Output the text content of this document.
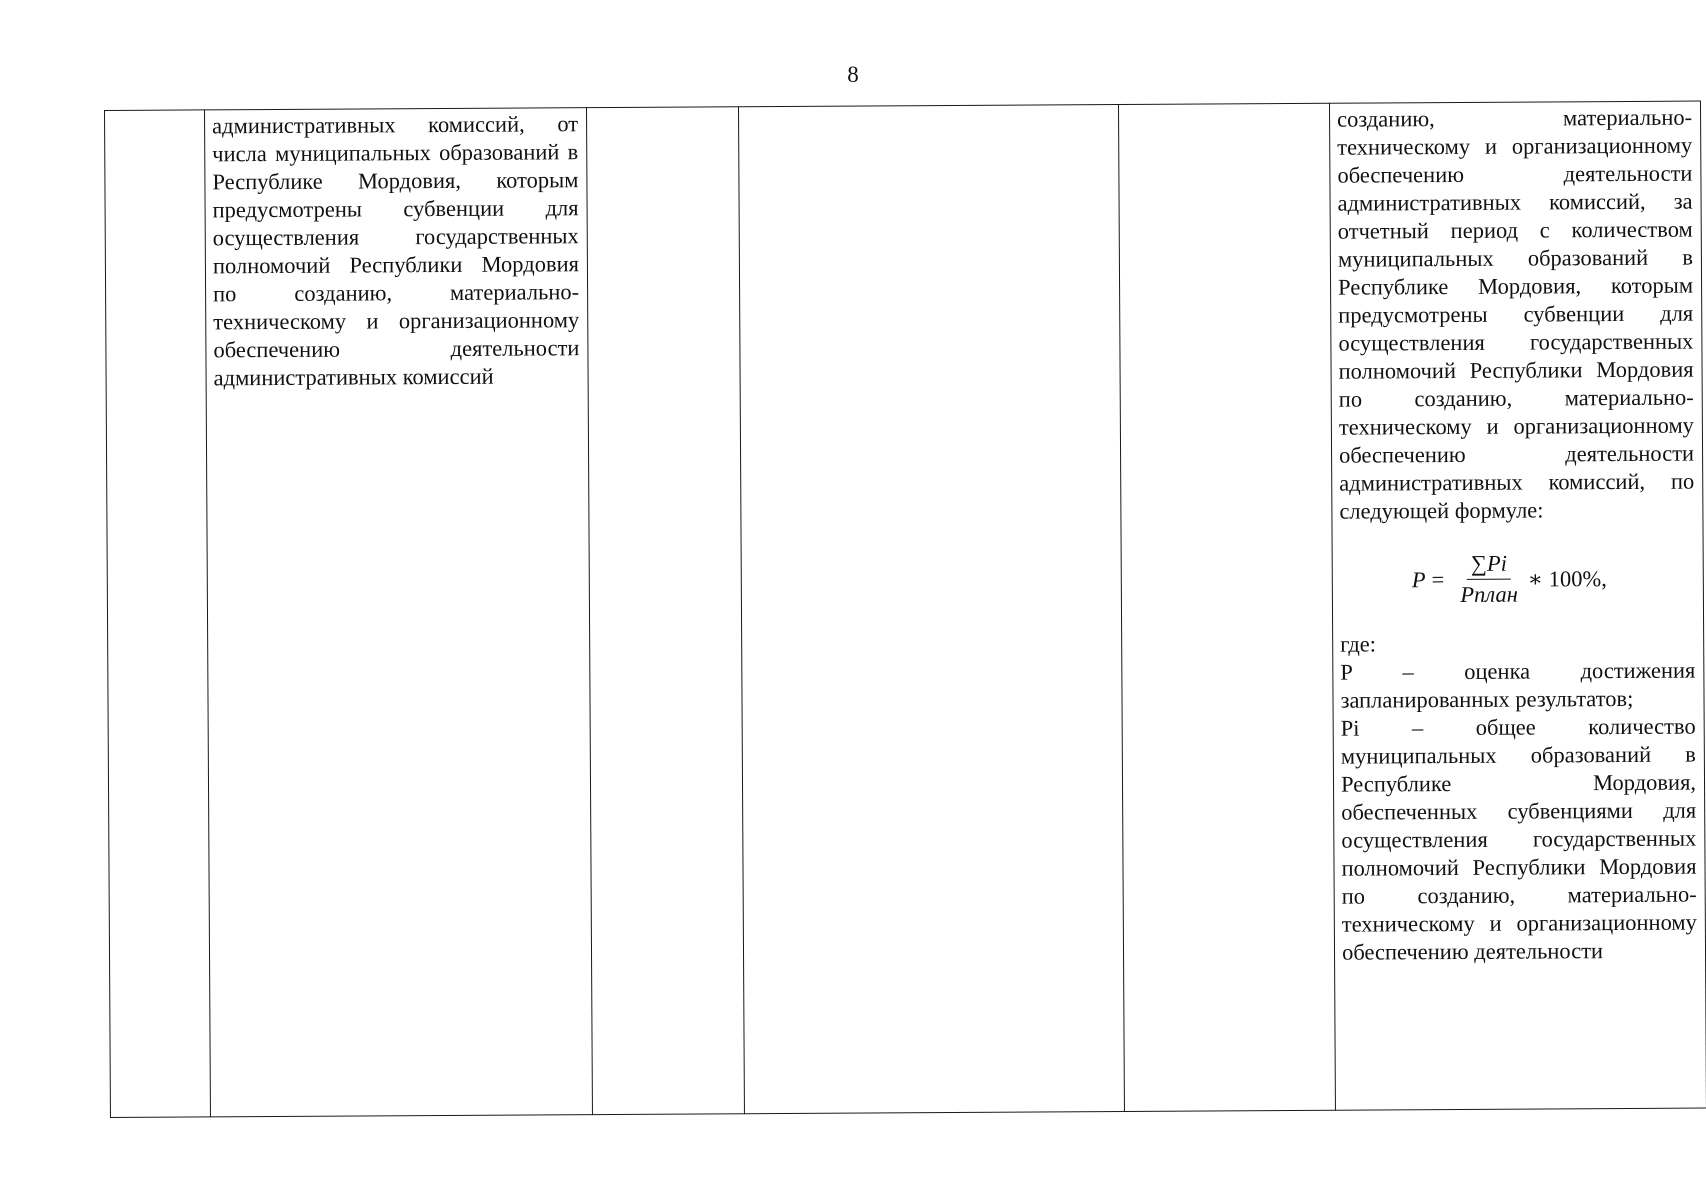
8

административных комиссий, от числа муниципальных образований в Республике Мордовия, которым предусмотрены субвенции для осуществления государственных полномочий Республики Мордовия по созданию, материально-техническому и организационному обеспечению деятельности административных комиссий

созданию, материально-техническому и организационному обеспечению деятельности административных комиссий, за отчетный период с количеством муниципальных образований в Республике Мордовия, которым предусмотрены субвенции для осуществления государственных полномочий Республики Мордовия по созданию, материально-техническому и организационному обеспечению деятельности административных комиссий, по следующей формуле:

$P = \frac{\sum Pi}{\text{Pплан}}$ ∗ 100%,

где:

P – оценка достижения запланированных результатов;

Pi – общее количество муниципальных образований в Республике Мордовия, обеспеченных субвенциями для осуществления государственных полномочий Республики Мордовия по созданию, материально-техническому и организационному обеспечению деятельности
